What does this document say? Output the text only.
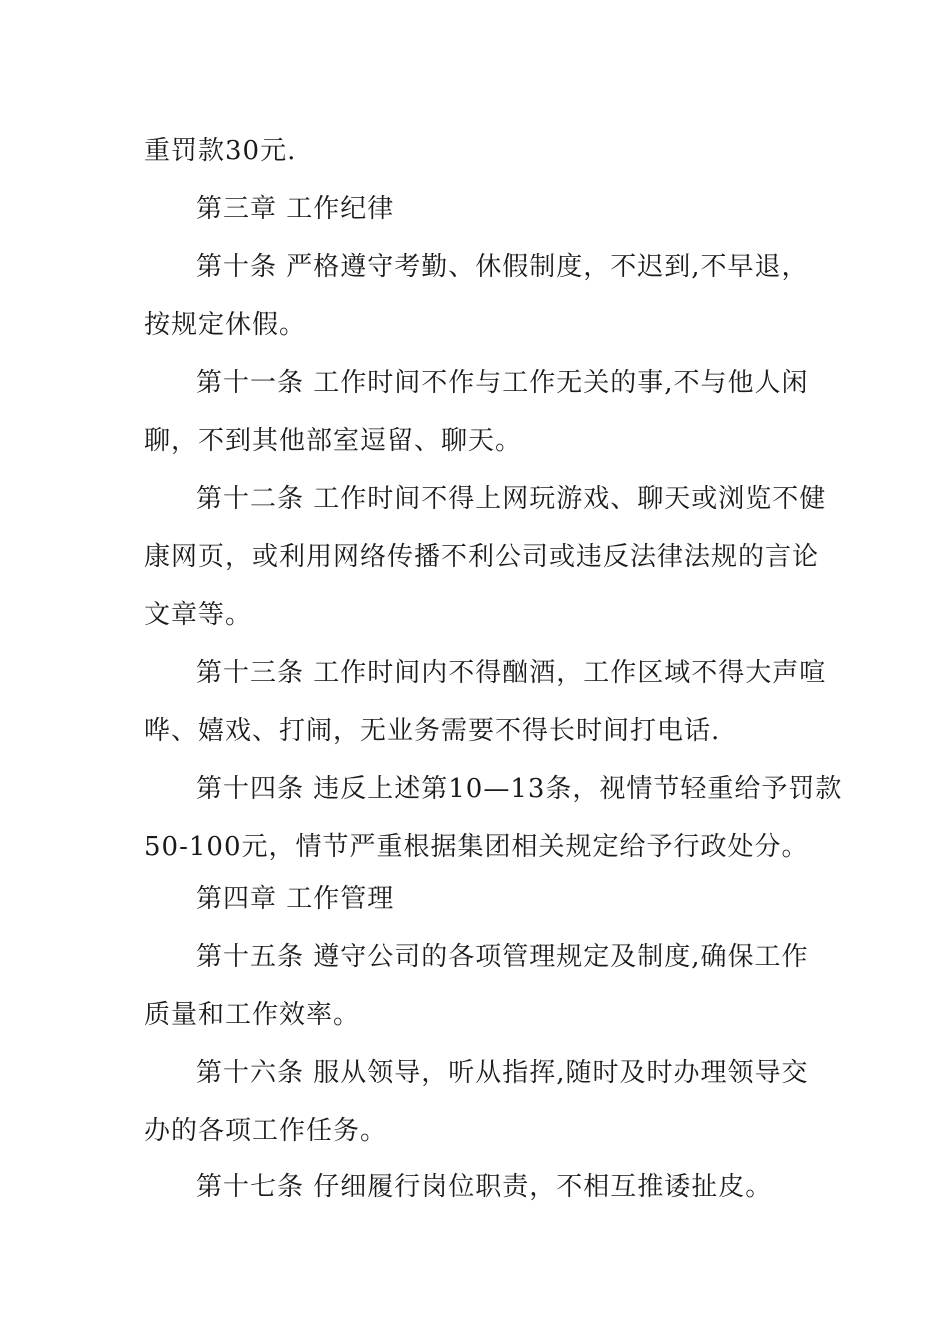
重罚款30元.
第三章 工作纪律
第十条 严格遵守考勤、休假制度，不迟到,不早退，
按规定休假。
第十一条 工作时间不作与工作无关的事,不与他人闲
聊，不到其他部室逗留、聊天。
第十二条 工作时间不得上网玩游戏、聊天或浏览不健
康网页，或利用网络传播不利公司或违反法律法规的言论
文章等。
第十三条 工作时间内不得酗酒，工作区域不得大声喧
哗、嬉戏、打闹，无业务需要不得长时间打电话.
第十四条 违反上述第10—13条，视情节轻重给予罚款
50-100元，情节严重根据集团相关规定给予行政处分。
第四章 工作管理
第十五条 遵守公司的各项管理规定及制度,确保工作
质量和工作效率。
第十六条 服从领导，听从指挥,随时及时办理领导交
办的各项工作任务。
第十七条 仔细履行岗位职责，不相互推诿扯皮。
